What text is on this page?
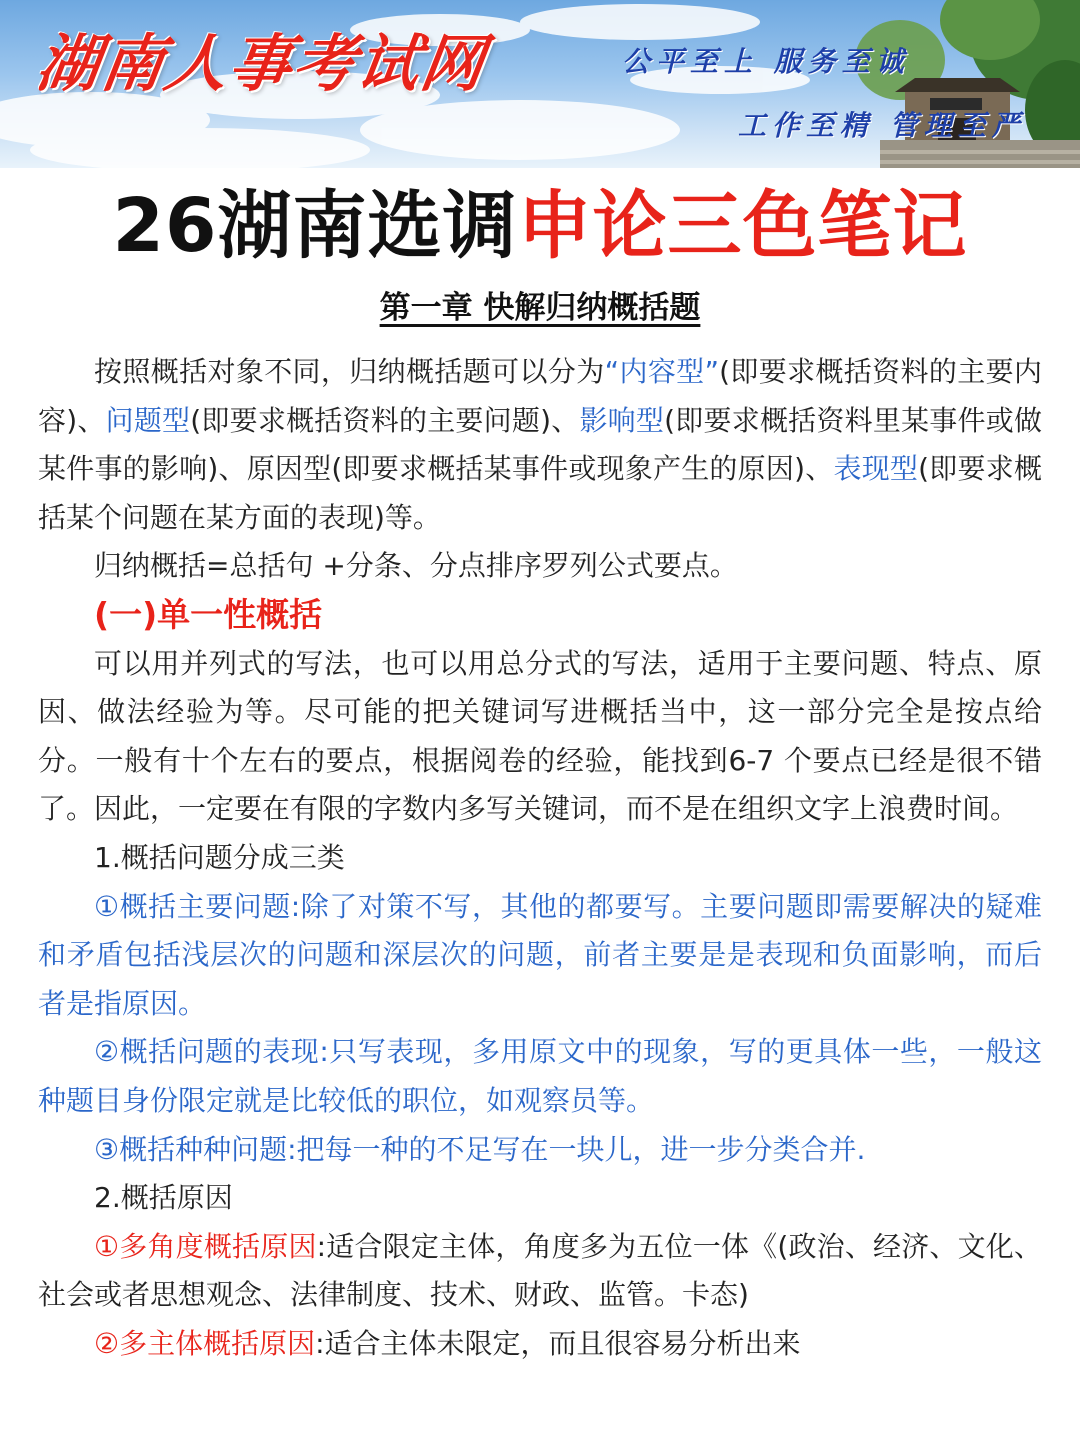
湖南人事考试网	公平至上 服务至诚
工作至精 管理至严
26湖南选调申论三色笔记
第一章 快解归纳概括题

按照概括对象不同，归纳概括题可以分为“内容型”(即要求概括资料的主要内容)、问题型(即要求概括资料的主要问题)、影响型(即要求概括资料里某事件或做某件事的影响)、原因型(即要求概括某事件或现象产生的原因)、表现型(即要求概括某个问题在某方面的表现)等。

归纳概括=总括句 +分条、分点排序罗列公式要点。

(一)单一性概括

可以用并列式的写法，也可以用总分式的写法，适用于主要问题、特点、原因、做法经验为等。尽可能的把关键词写进概括当中，这一部分完全是按点给分。一般有十个左右的要点，根据阅卷的经验，能找到6-7 个要点已经是很不错了。因此，一定要在有限的字数内多写关键词，而不是在组织文字上浪费时间。

1.概括问题分成三类

①概括主要问题:除了对策不写，其他的都要写。主要问题即需要解决的疑难和矛盾包括浅层次的问题和深层次的问题，前者主要是是表现和负面影响，而后者是指原因。

②概括问题的表现:只写表现，多用原文中的现象，写的更具体一些，一般这种题目身份限定就是比较低的职位，如观察员等。

③概括种种问题:把每一种的不足写在一块儿，进一步分类合并.

2.概括原因

①多角度概括原因:适合限定主体，角度多为五位一体《(政治、经济、文化、社会或者思想观念、法律制度、技术、财政、监管。卡态)

②多主体概括原因:适合主体未限定，而且很容易分析出来
